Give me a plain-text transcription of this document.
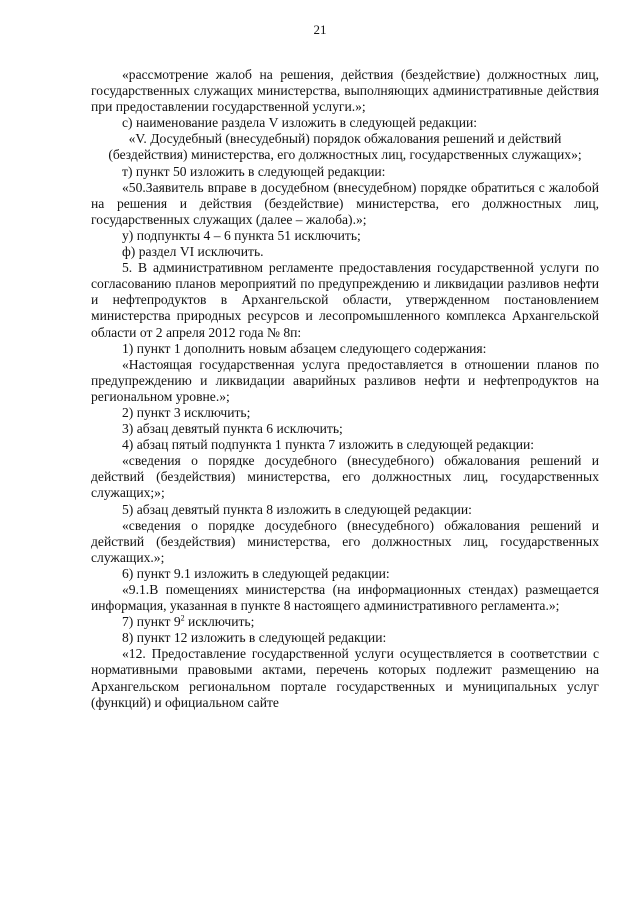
21

«рассмотрение жалоб на решения, действия (бездействие) должностных лиц, государственных служащих министерства, выполняющих административные действия при предоставлении государственной услуги.»;

с) наименование раздела V изложить в следующей редакции:

«V. Досудебный (внесудебный) порядок обжалования решений и действий (бездействия) министерства, его должностных лиц, государственных служащих»;

т) пункт 50 изложить в следующей редакции:

«50.Заявитель вправе в досудебном (внесудебном) порядке обратиться с жалобой на решения и действия (бездействие) министерства, его должностных лиц, государственных служащих (далее – жалоба).»;

у) подпункты 4 – 6 пункта 51 исключить;

ф) раздел VI исключить.

5. В административном регламенте предоставления государственной услуги по согласованию планов мероприятий по предупреждению и ликвидации разливов нефти и нефтепродуктов в Архангельской области, утвержденном постановлением министерства природных ресурсов и лесопромышленного комплекса Архангельской области от 2 апреля 2012 года № 8п:

1) пункт 1 дополнить новым абзацем следующего содержания:

«Настоящая государственная услуга предоставляется в отношении планов по предупреждению и ликвидации аварийных разливов нефти и нефтепродуктов на региональном уровне.»;

2) пункт 3 исключить;

3) абзац девятый пункта 6 исключить;

4) абзац пятый подпункта 1 пункта 7 изложить в следующей редакции:

«сведения о порядке досудебного (внесудебного) обжалования решений и действий (бездействия) министерства, его должностных лиц, государственных служащих;»;

5) абзац девятый пункта 8 изложить в следующей редакции:

«сведения о порядке досудебного (внесудебного) обжалования решений и действий (бездействия) министерства, его должностных лиц, государственных служащих.»;

6) пункт 9.1 изложить в следующей редакции:

«9.1.В помещениях министерства (на информационных стендах) размещается информация, указанная в пункте 8 настоящего административного регламента.»;

7) пункт $9^2$ исключить;

8) пункт 12 изложить в следующей редакции:

«12. Предоставление государственной услуги осуществляется в соответствии с нормативными правовыми актами, перечень которых подлежит размещению на Архангельском региональном портале государственных и муниципальных услуг (функций) и официальном сайте
